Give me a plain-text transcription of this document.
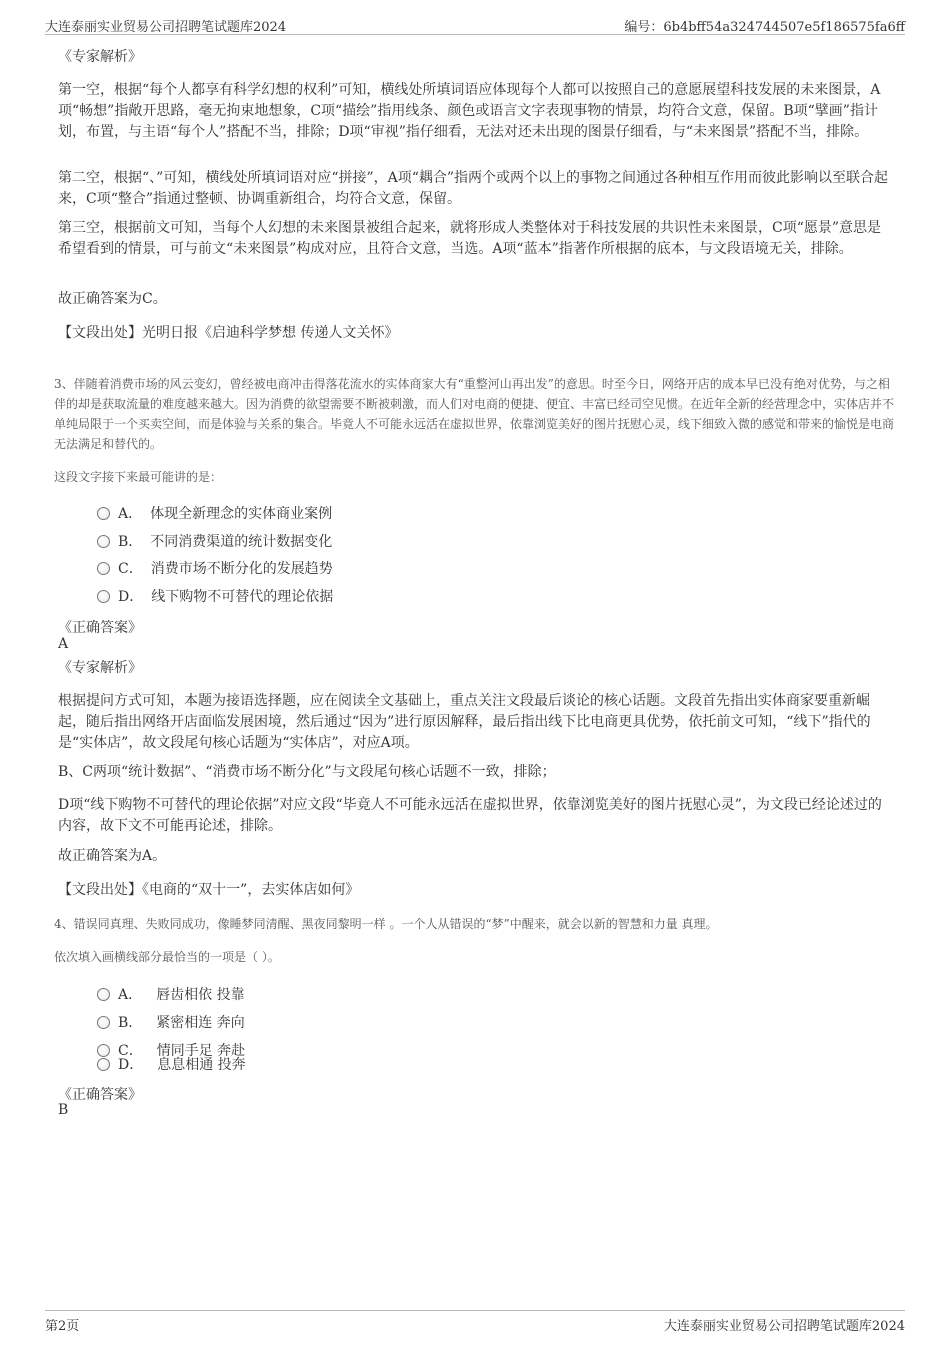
大连泰丽实业贸易公司招聘笔试题库2024	编号：6b4bff54a324744507e5f186575fa6ff
《专家解析》
第一空，根据“每个人都享有科学幻想的权利”可知，横线处所填词语应体现每个人都可以按照自己的意愿展望科技发展的未来图景，A项“畅想”指敞开思路，毫无拘束地想象，C项“描绘”指用线条、颜色或语言文字表现事物的情景，均符合文意，保留。B项“擘画”指计划，布置，与主语“每个人”搭配不当，排除；D项“审视”指仔细看，无法对还未出现的图景仔细看，与“未来图景”搭配不当，排除。
第二空，根据“、”可知，横线处所填词语对应“拼接”，A项“耦合”指两个或两个以上的事物之间通过各种相互作用而彼此影响以至联合起来，C项“整合”指通过整顿、协调重新组合，均符合文意，保留。
第三空，根据前文可知，当每个人幻想的未来图景被组合起来，就将形成人类整体对于科技发展的共识性未来图景，C项“愿景”意思是希望看到的情景，可与前文“未来图景”构成对应，且符合文意，当选。A项“蓝本”指著作所根据的底本，与文段语境无关，排除。
故正确答案为C。
【文段出处】光明日报《启迪科学梦想 传递人文关怀》
3、伴随着消费市场的风云变幻，曾经被电商冲击得落花流水的实体商家大有“重整河山再出发”的意思。时至今日，网络开店的成本早已没有绝对优势，与之相伴的却是获取流量的难度越来越大。因为消费的欲望需要不断被刺激，而人们对电商的便捷、便宜、丰富已经司空见惯。在近年全新的经营理念中，实体店并不单纯局限于一个买卖空间，而是体验与关系的集合。毕竟人不可能永远活在虚拟世界，依靠浏览美好的图片抚慰心灵，线下细致入微的感觉和带来的愉悦是电商无法满足和替代的。
这段文字接下来最可能讲的是：
A． 体现全新理念的实体商业案例
B． 不同消费渠道的统计数据变化
C． 消费市场不断分化的发展趋势
D． 线下购物不可替代的理论依据
《正确答案》
A
《专家解析》
根据提问方式可知，本题为接语选择题，应在阅读全文基础上，重点关注文段最后谈论的核心话题。文段首先指出实体商家要重新崛起，随后指出网络开店面临发展困境，然后通过“因为”进行原因解释，最后指出线下比电商更具优势，依托前文可知，“线下”指代的是“实体店”，故文段尾句核心话题为“实体店”，对应A项。
B、C两项“统计数据”、“消费市场不断分化”与文段尾句核心话题不一致，排除；
D项“线下购物不可替代的理论依据”对应文段“毕竟人不可能永远活在虚拟世界，依靠浏览美好的图片抚慰心灵”，为文段已经论述过的内容，故下文不可能再论述，排除。
故正确答案为A。
【文段出处】《电商的“双十一”，去实体店如何》
4、错误同真理、失败同成功，像睡梦同清醒、黑夜同黎明一样 。一个人从错误的“梦”中醒来，就会以新的智慧和力量 真理。
依次填入画横线部分最恰当的一项是（ ）。
A． 唇齿相依 投靠
B． 紧密相连 奔向
C． 情同手足 奔赴
D． 息息相通 投奔
《正确答案》
B
第2页	大连泰丽实业贸易公司招聘笔试题库2024
